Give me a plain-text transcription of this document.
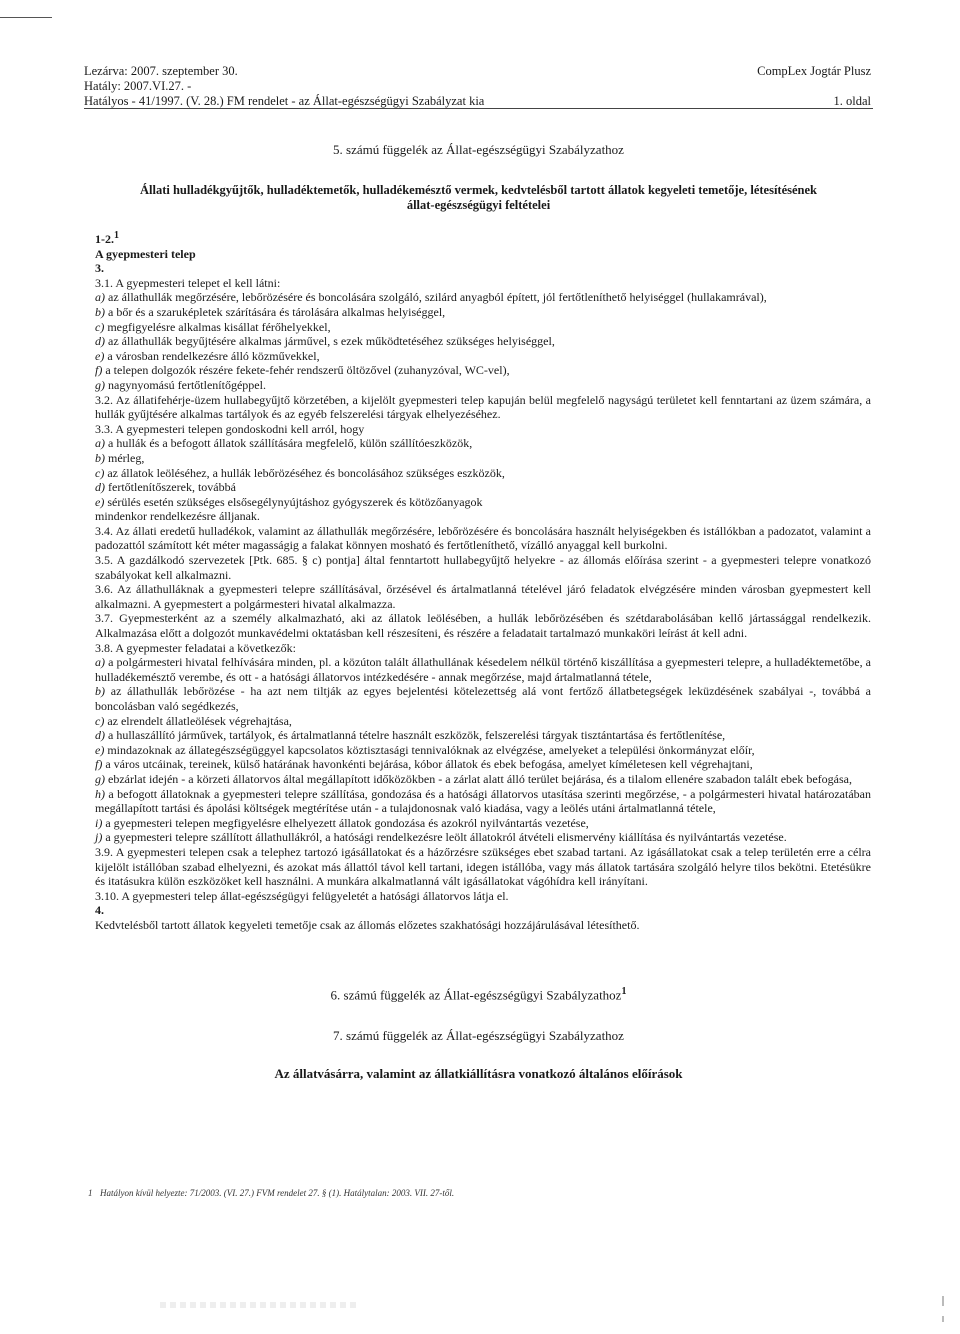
Lezárva: 2007. szeptember 30.
Hatály: 2007.VI.27. -
Hatályos - 41/1997. (V. 28.) FM rendelet - az Állat-egészségügyi Szabályzat kia
CompLex Jogtár Plusz
1. oldal
5. számú függelék az Állat-egészségügyi Szabályzathoz
Állati hulladékgyűjtők, hulladéktemetők, hulladékemésztő vermek, kedvtelésből tartott állatok kegyeleti temetője, létesítésének
állat-egészségügyi feltételei

1-2.$^1$

A gyepmesteri telep

3.

3.1. A gyepmesteri telepet el kell látni:

a) az állathullák megőrzésére, lebőrözésére és boncolására szolgáló, szilárd anyagból épített, jól fertőtleníthető helyiséggel (hullakamrával),

b) a bőr és a szaruképletek szárítására és tárolására alkalmas helyiséggel,

c) megfigyelésre alkalmas kisállat férőhelyekkel,

d) az állathullák begyűjtésére alkalmas járművel, s ezek működtetéséhez szükséges helyiséggel,

e) a városban rendelkezésre álló közművekkel,

f) a telepen dolgozók részére fekete-fehér rendszerű öltözővel (zuhanyzóval, WC-vel),

g) nagynyomású fertőtlenítőgéppel.

3.2. Az állatifehérje-üzem hullabegyűjtő körzetében, a kijelölt gyepmesteri telep kapuján belül megfelelő nagyságú területet kell fenntartani az üzem számára, a hullák gyűjtésére alkalmas tartályok és az egyéb felszerelési tárgyak elhelyezéséhez.

3.3. A gyepmesteri telepen gondoskodni kell arról, hogy

a) a hullák és a befogott állatok szállítására megfelelő, külön szállítóeszközök,

b) mérleg,

c) az állatok leöléséhez, a hullák lebőrözéséhez és boncolásához szükséges eszközök,

d) fertőtlenítőszerek, továbbá

e) sérülés esetén szükséges elsősegélynyújtáshoz gyógyszerek és kötözőanyagok

mindenkor rendelkezésre álljanak.

3.4. Az állati eredetű hulladékok, valamint az állathullák megőrzésére, lebőrözésére és boncolására használt helyiségekben és istállókban a padozatot, valamint a padozattól számított két méter magasságig a falakat könnyen mosható és fertőtleníthető, vízálló anyaggal kell burkolni.

3.5. A gazdálkodó szervezetek [Ptk. 685. § c) pontja] által fenntartott hullabegyűjtő helyekre - az állomás előírása szerint - a gyepmesteri telepre vonatkozó szabályokat kell alkalmazni.

3.6. Az állathulláknak a gyepmesteri telepre szállításával, őrzésével és ártalmatlanná tételével járó feladatok elvégzésére minden városban gyepmestert kell alkalmazni. A gyepmestert a polgármesteri hivatal alkalmazza.

3.7. Gyepmesterként az a személy alkalmazható, aki az állatok leölésében, a hullák lebőrözésében és szétdarabolásában kellő jártassággal rendelkezik. Alkalmazása előtt a dolgozót munkavédelmi oktatásban kell részesíteni, és részére a feladatait tartalmazó munkaköri leírást át kell adni.

3.8. A gyepmester feladatai a következők:

a) a polgármesteri hivatal felhívására minden, pl. a közúton talált állathullának késedelem nélkül történő kiszállítása a gyepmesteri telepre, a hulladéktemetőbe, a hulladékemésztő verembe, és ott - a hatósági állatorvos intézkedésére - annak megőrzése, majd ártalmatlanná tétele,

b) az állathullák lebőrözése - ha azt nem tiltják az egyes bejelentési kötelezettség alá vont fertőző állatbetegségek leküzdésének szabályai -, továbbá a boncolásban való segédkezés,

c) az elrendelt állatleölések végrehajtása,

d) a hullaszállító járművek, tartályok, és ártalmatlanná tételre használt eszközök, felszerelési tárgyak tisztántartása és fertőtlenítése,

e) mindazoknak az állategészségüggyel kapcsolatos köztisztasági tennivalóknak az elvégzése, amelyeket a települési önkormányzat előír,

f) a város utcáinak, tereinek, külső határának havonkénti bejárása, kóbor állatok és ebek befogása, amelyet kíméletesen kell végrehajtani,

g) ebzárlat idején - a körzeti állatorvos által megállapított időközökben - a zárlat alatt álló terület bejárása, és a tilalom ellenére szabadon talált ebek befogása,

h) a befogott állatoknak a gyepmesteri telepre szállítása, gondozása és a hatósági állatorvos utasítása szerinti megőrzése, - a polgármesteri hivatal határozatában megállapított tartási és ápolási költségek megtérítése után - a tulajdonosnak való kiadása, vagy a leölés utáni ártalmatlanná tétele,

i) a gyepmesteri telepen megfigyelésre elhelyezett állatok gondozása és azokról nyilvántartás vezetése,

j) a gyepmesteri telepre szállított állathullákról, a hatósági rendelkezésre leölt állatokról átvételi elismervény kiállítása és nyilvántartás vezetése.

3.9. A gyepmesteri telepen csak a telephez tartozó igásállatokat és a házőrzésre szükséges ebet szabad tartani. Az igásállatokat csak a telep területén erre a célra kijelölt istállóban szabad elhelyezni, és azokat más állattól távol kell tartani, idegen istállóba, vagy más állatok tartására szolgáló helyre tilos bekötni. Etetésükre és itatásukra külön eszközöket kell használni. A munkára alkalmatlanná vált igásállatokat vágóhídra kell irányítani.

3.10. A gyepmesteri telep állat-egészségügyi felügyeletét a hatósági állatorvos látja el.

4.

Kedvtelésből tartott állatok kegyeleti temetője csak az állomás előzetes szakhatósági hozzájárulásával létesíthető.

6. számú függelék az Állat-egészségügyi Szabályzathoz$^1$
7. számú függelék az Állat-egészségügyi Szabályzathoz
Az állatvásárra, valamint az állatkiállításra vonatkozó általános előírások
1 Hatályon kívül helyezte: 71/2003. (VI. 27.) FVM rendelet 27. § (1). Hatálytalan: 2003. VII. 27-től.
